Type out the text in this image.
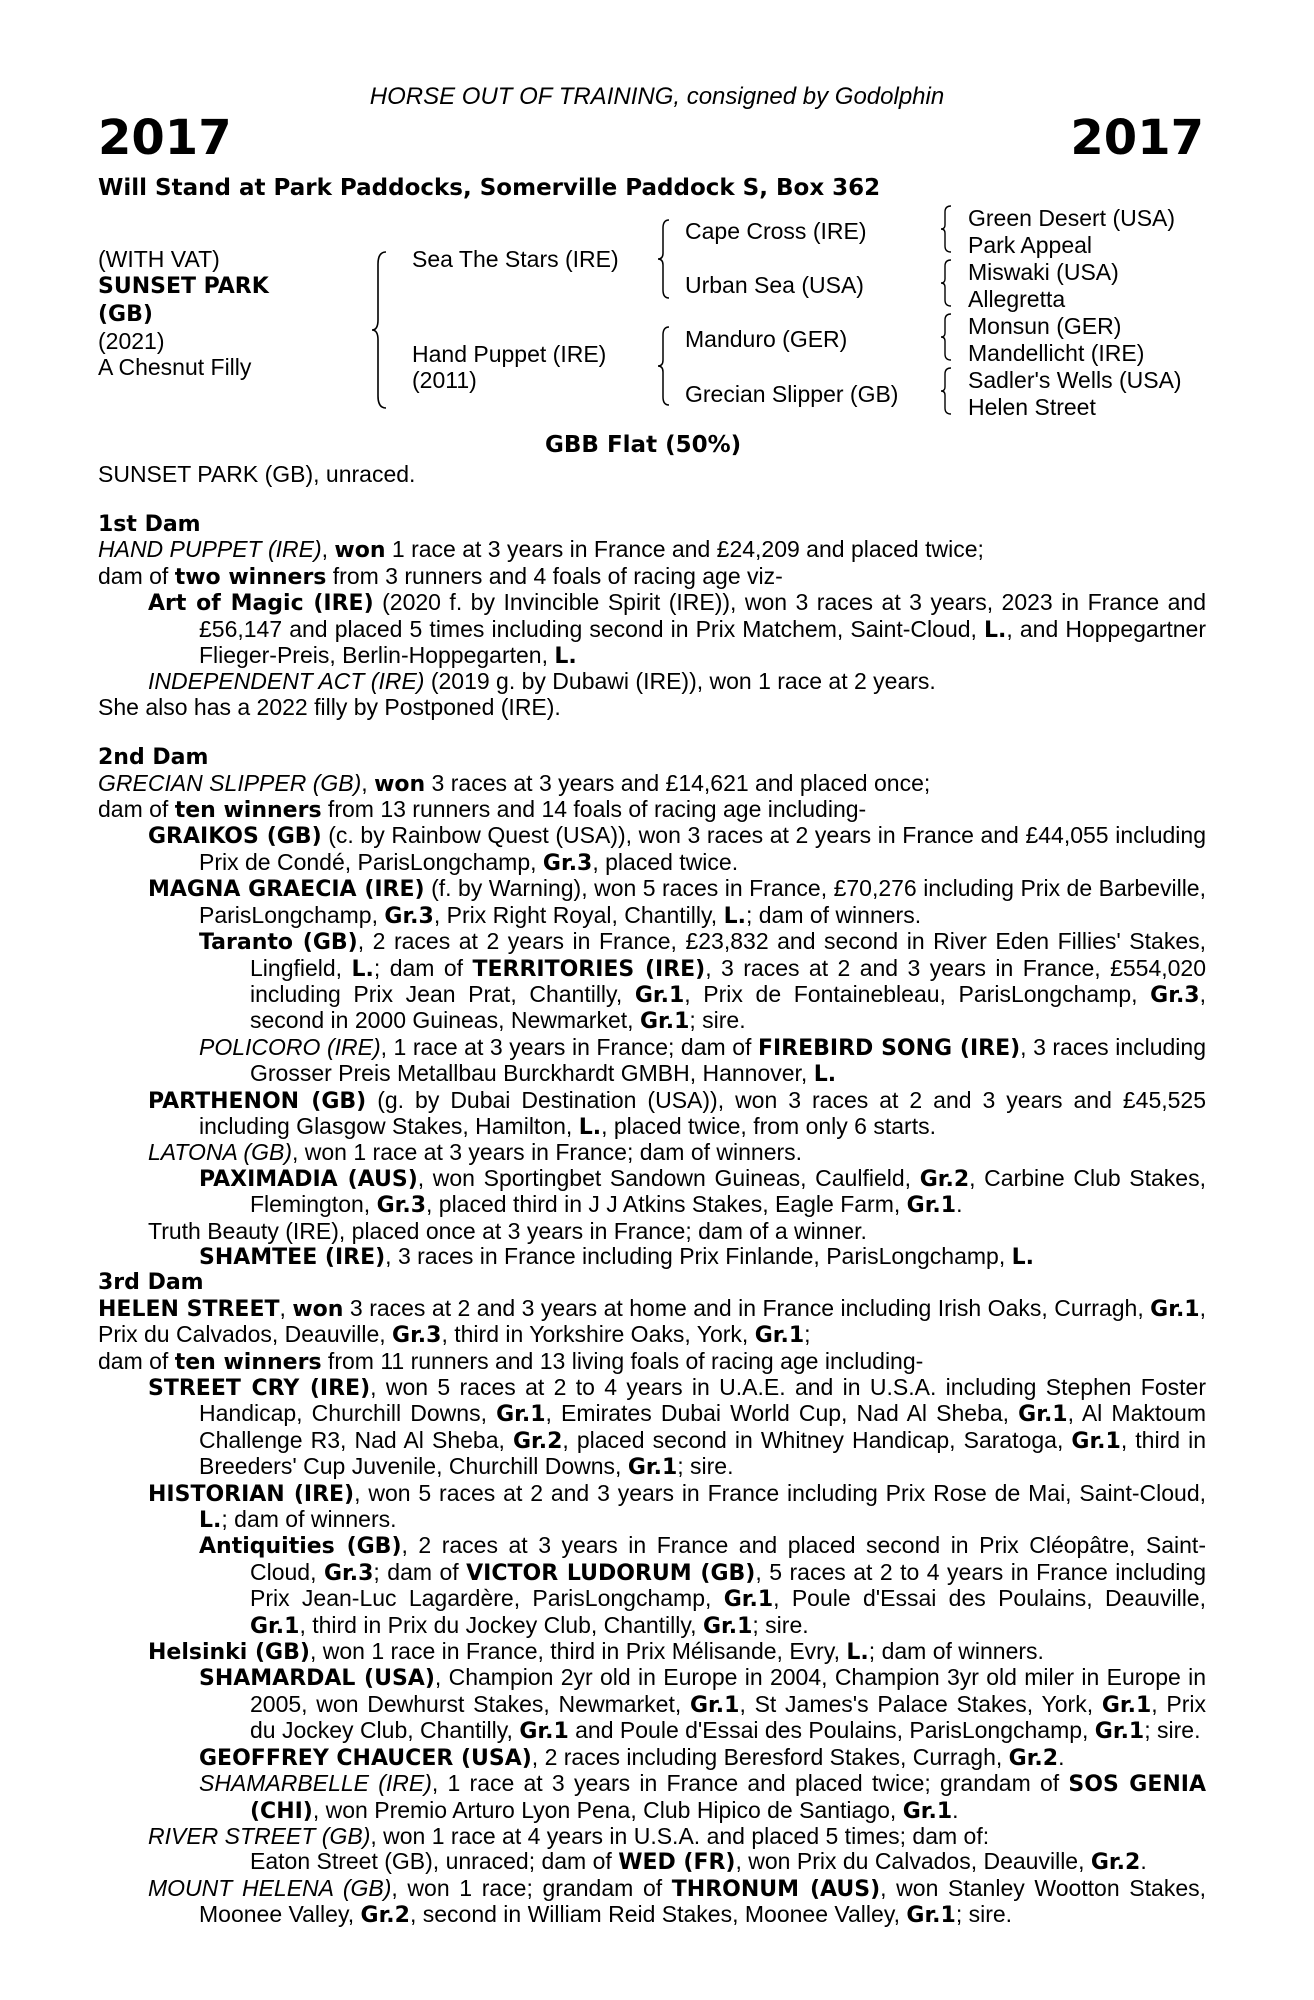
HORSE OUT OF TRAINING, consigned by Godolphin
2017	2017
Will Stand at Park Paddocks, Somerville Paddock S, Box 362
(WITH VAT)
SUNSET PARK
(GB)
(2021)
A Chesnut Filly
Sea The Stars (IRE)
Hand Puppet (IRE)
(2011)
Cape Cross (IRE)
Urban Sea (USA)
Manduro (GER)
Grecian Slipper (GB)
Green Desert (USA)
Park Appeal
Miswaki (USA)
Allegretta
Monsun (GER)
Mandellicht (IRE)
Sadler's Wells (USA)
Helen Street
GBB Flat (50%)
SUNSET PARK (GB), unraced.
1st Dam
HAND PUPPET (IRE), won 1 race at 3 years in France and £24,209 and placed twice;
dam of two winners from 3 runners and 4 foals of racing age viz-
Art of Magic (IRE) (2020 f. by Invincible Spirit (IRE)), won 3 races at 3 years, 2023 in France and £56,147 and placed 5 times including second in Prix Matchem, Saint-Cloud, L., and Hoppegartner Flieger-Preis, Berlin-Hoppegarten, L.
INDEPENDENT ACT (IRE) (2019 g. by Dubawi (IRE)), won 1 race at 2 years.
She also has a 2022 filly by Postponed (IRE).
2nd Dam
GRECIAN SLIPPER (GB), won 3 races at 3 years and £14,621 and placed once;
dam of ten winners from 13 runners and 14 foals of racing age including-
GRAIKOS (GB) (c. by Rainbow Quest (USA)), won 3 races at 2 years in France and £44,055 including Prix de Condé, ParisLongchamp, Gr.3, placed twice.
MAGNA GRAECIA (IRE) (f. by Warning), won 5 races in France, £70,276 including Prix de Barbeville, ParisLongchamp, Gr.3, Prix Right Royal, Chantilly, L.; dam of winners.
Taranto (GB), 2 races at 2 years in France, £23,832 and second in River Eden Fillies' Stakes, Lingfield, L.; dam of TERRITORIES (IRE), 3 races at 2 and 3 years in France, £554,020 including Prix Jean Prat, Chantilly, Gr.1, Prix de Fontainebleau, ParisLongchamp, Gr.3, second in 2000 Guineas, Newmarket, Gr.1; sire.
POLICORO (IRE), 1 race at 3 years in France; dam of FIREBIRD SONG (IRE), 3 races including Grosser Preis Metallbau Burckhardt GMBH, Hannover, L.
PARTHENON (GB) (g. by Dubai Destination (USA)), won 3 races at 2 and 3 years and £45,525 including Glasgow Stakes, Hamilton, L., placed twice, from only 6 starts.
LATONA (GB), won 1 race at 3 years in France; dam of winners.
PAXIMADIA (AUS), won Sportingbet Sandown Guineas, Caulfield, Gr.2, Carbine Club Stakes, Flemington, Gr.3, placed third in J J Atkins Stakes, Eagle Farm, Gr.1.
Truth Beauty (IRE), placed once at 3 years in France; dam of a winner.
SHAMTEE (IRE), 3 races in France including Prix Finlande, ParisLongchamp, L.
3rd Dam
HELEN STREET, won 3 races at 2 and 3 years at home and in France including Irish Oaks, Curragh, Gr.1, Prix du Calvados, Deauville, Gr.3, third in Yorkshire Oaks, York, Gr.1;
dam of ten winners from 11 runners and 13 living foals of racing age including-
STREET CRY (IRE), won 5 races at 2 to 4 years in U.A.E. and in U.S.A. including Stephen Foster Handicap, Churchill Downs, Gr.1, Emirates Dubai World Cup, Nad Al Sheba, Gr.1, Al Maktoum Challenge R3, Nad Al Sheba, Gr.2, placed second in Whitney Handicap, Saratoga, Gr.1, third in Breeders' Cup Juvenile, Churchill Downs, Gr.1; sire.
HISTORIAN (IRE), won 5 races at 2 and 3 years in France including Prix Rose de Mai, Saint-Cloud, L.; dam of winners.
Antiquities (GB), 2 races at 3 years in France and placed second in Prix Cléopâtre, Saint-Cloud, Gr.3; dam of VICTOR LUDORUM (GB), 5 races at 2 to 4 years in France including Prix Jean-Luc Lagardère, ParisLongchamp, Gr.1, Poule d'Essai des Poulains, Deauville, Gr.1, third in Prix du Jockey Club, Chantilly, Gr.1; sire.
Helsinki (GB), won 1 race in France, third in Prix Mélisande, Evry, L.; dam of winners.
SHAMARDAL (USA), Champion 2yr old in Europe in 2004, Champion 3yr old miler in Europe in 2005, won Dewhurst Stakes, Newmarket, Gr.1, St James's Palace Stakes, York, Gr.1, Prix du Jockey Club, Chantilly, Gr.1 and Poule d'Essai des Poulains, ParisLongchamp, Gr.1; sire.
GEOFFREY CHAUCER (USA), 2 races including Beresford Stakes, Curragh, Gr.2.
SHAMARBELLE (IRE), 1 race at 3 years in France and placed twice; grandam of SOS GENIA (CHI), won Premio Arturo Lyon Pena, Club Hipico de Santiago, Gr.1.
RIVER STREET (GB), won 1 race at 4 years in U.S.A. and placed 5 times; dam of:
Eaton Street (GB), unraced; dam of WED (FR), won Prix du Calvados, Deauville, Gr.2.
MOUNT HELENA (GB), won 1 race; grandam of THRONUM (AUS), won Stanley Wootton Stakes, Moonee Valley, Gr.2, second in William Reid Stakes, Moonee Valley, Gr.1; sire.
